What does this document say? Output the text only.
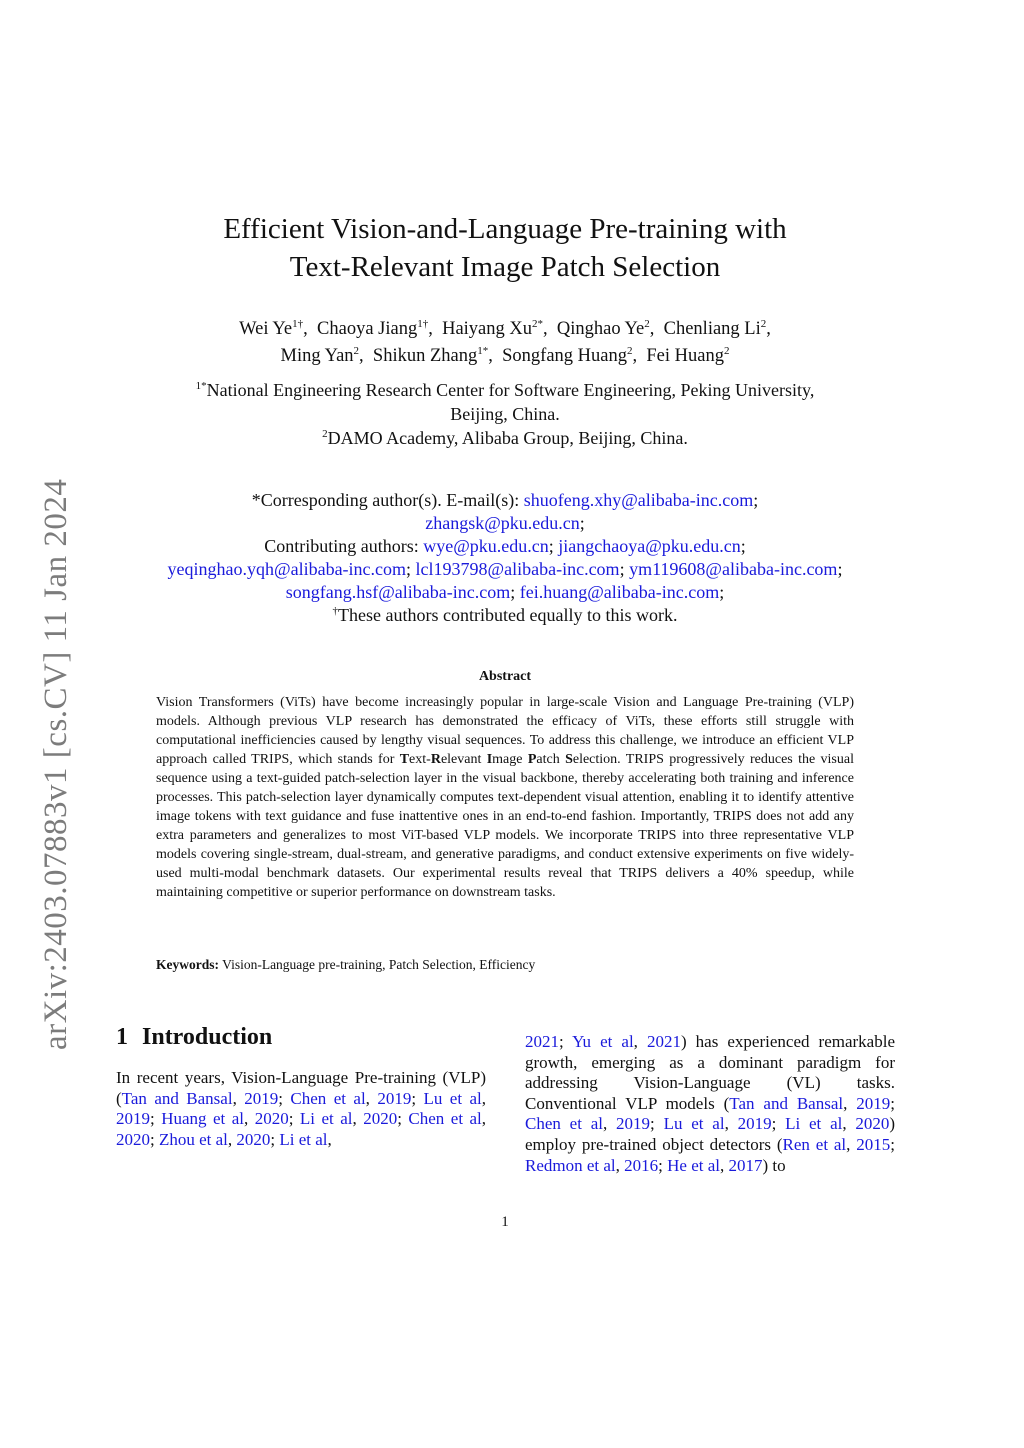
arXiv:2403.07883v1 [cs.CV] 11 Jan 2024
Efficient Vision-and-Language Pre-training with
Text-Relevant Image Patch Selection
Wei $Ye^{1\dagger}$,  Chaoya Jiang$^{1\dagger}$,  Haiyang $Xu^{2*}$,  Qinghao Ye$^2$,  Chenliang Li$^2$,
Ming Yan$^2$,  Shikun Zhang$^{1*}$,  Songfang Huang$^2$,  Fei Huang$^2$
$^{1*}$National Engineering Research Center for Software Engineering, Peking University,
Beijing, China.
$^2$DAMO Academy, Alibaba Group, Beijing, China.
*Corresponding author(s). E-mail(s): shuofeng.xhy@alibaba-inc.com;
zhangsk@pku.edu.cn;
Contributing authors: wye@pku.edu.cn; jiangchaoya@pku.edu.cn;
yeqinghao.yqh@alibaba-inc.com; lcl193798@alibaba-inc.com; ym119608@alibaba-inc.com;
songfang.hsf@alibaba-inc.com; fei.huang@alibaba-inc.com;
†These authors contributed equally to this work.
Abstract
Vision Transformers (ViTs) have become increasingly popular in large-scale Vision and Language Pre-training (VLP) models. Although previous VLP research has demonstrated the efficacy of ViTs, these efforts still struggle with computational inefficiencies caused by lengthy visual sequences. To address this challenge, we introduce an efficient VLP approach called TRIPS, which stands for Text-Relevant Image Patch Selection. TRIPS progressively reduces the visual sequence using a text-guided patch-selection layer in the visual backbone, thereby accelerating both training and inference processes. This patch-selection layer dynamically computes text-dependent visual attention, enabling it to identify attentive image tokens with text guidance and fuse inattentive ones in an end-to-end fashion. Importantly, TRIPS does not add any extra parameters and generalizes to most ViT-based VLP models. We incorporate TRIPS into three representative VLP models covering single-stream, dual-stream, and generative paradigms, and conduct extensive experiments on five widely-used multi-modal benchmark datasets. Our experimental results reveal that TRIPS delivers a 40% speedup, while maintaining competitive or superior performance on downstream tasks.
Keywords: Vision-Language pre-training, Patch Selection, Efficiency
1 Introduction
In recent years, Vision-Language Pre-training (VLP) (Tan and Bansal, 2019; Chen et al, 2019; Lu et al, 2019; Huang et al, 2020; Li et al, 2020; Chen et al, 2020; Zhou et al, 2020; Li et al,
2021; Yu et al, 2021) has experienced remarkable growth, emerging as a dominant paradigm for addressing Vision-Language (VL) tasks. Conventional VLP models (Tan and Bansal, 2019; Chen et al, 2019; Lu et al, 2019; Li et al, 2020) employ pre-trained object detectors (Ren et al, 2015; Redmon et al, 2016; He et al, 2017) to
1
